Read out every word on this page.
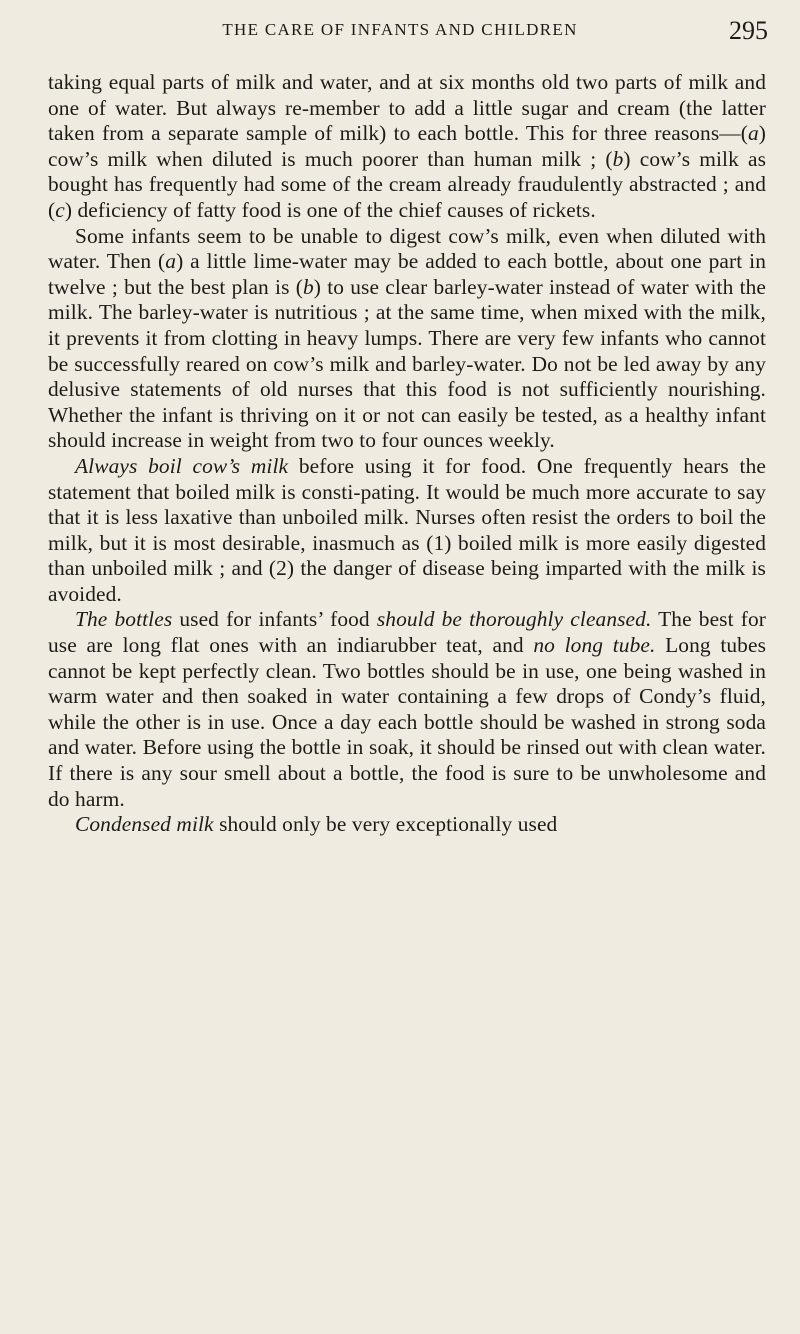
THE CARE OF INFANTS AND CHILDREN	295

taking equal parts of milk and water, and at six months old two parts of milk and one of water. But always re-member to add a little sugar and cream (the latter taken from a separate sample of milk) to each bottle. This for three reasons—(a) cow’s milk when diluted is much poorer than human milk ; (b) cow’s milk as bought has frequently had some of the cream already fraudulently abstracted ; and (c) deficiency of fatty food is one of the chief causes of rickets.

Some infants seem to be unable to digest cow’s milk, even when diluted with water. Then (a) a little lime-water may be added to each bottle, about one part in twelve ; but the best plan is (b) to use clear barley-water instead of water with the milk. The barley-water is nutritious ; at the same time, when mixed with the milk, it prevents it from clotting in heavy lumps. There are very few infants who cannot be successfully reared on cow’s milk and barley-water. Do not be led away by any delusive statements of old nurses that this food is not sufficiently nourishing. Whether the infant is thriving on it or not can easily be tested, as a healthy infant should increase in weight from two to four ounces weekly.

Always boil cow’s milk before using it for food. One frequently hears the statement that boiled milk is consti-pating. It would be much more accurate to say that it is less laxative than unboiled milk. Nurses often resist the orders to boil the milk, but it is most desirable, inasmuch as (1) boiled milk is more easily digested than unboiled milk ; and (2) the danger of disease being imparted with the milk is avoided.

The bottles used for infants’ food should be thoroughly cleansed. The best for use are long flat ones with an indiarubber teat, and no long tube. Long tubes cannot be kept perfectly clean. Two bottles should be in use, one being washed in warm water and then soaked in water containing a few drops of Condy’s fluid, while the other is in use. Once a day each bottle should be washed in strong soda and water. Before using the bottle in soak, it should be rinsed out with clean water. If there is any sour smell about a bottle, the food is sure to be unwholesome and do harm.

Condensed milk should only be very exceptionally used
